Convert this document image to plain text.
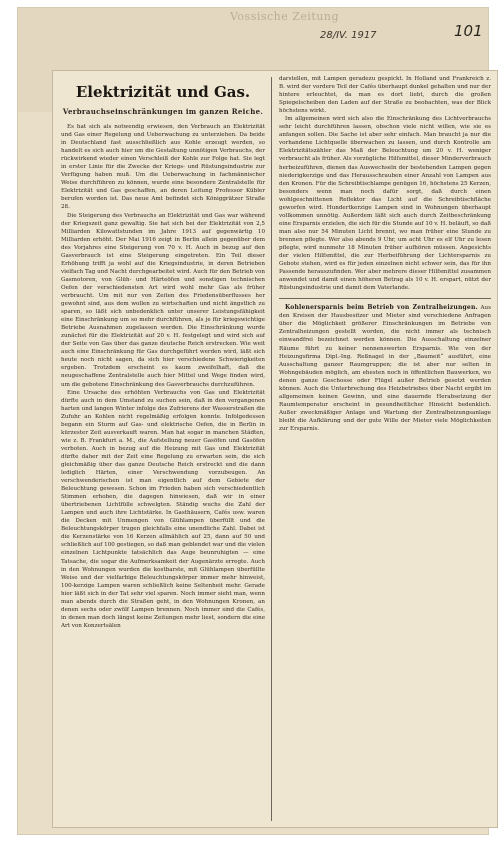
Vossische Zeitung
28/IV. 1917	101
Elektrizität und Gas.
Verbrauchseinschränkungen im ganzen Reiche.

Es hat sich als notwendig erwiesen, den Verbrauch an Elektrizität und Gas einer Regelung und Ueberwachung zu unterziehen. Da beide in Deutschland fast ausschließlich aus Kohle erzeugt werden, so handelt es sich auch hier um die Gestaltung unnötigen Verbrauchs, der rückwirkend wieder einen Verschleiß der Kohle zur Folge hat. Sie legt in erster Linie für die Zwecke der Kriegs- und Rüstungsindustrie zur Verfügung haben muß. Um die Ueberwachung in fachmännischer Weise durchführen zu können, wurde eine besondere Zentralstelle für Elektrizität und Gas geschaffen, an deren Leitung Professor Kübler berufen worden ist. Das neue Amt befindet sich Königgrätzer Straße 28.

Die Steigerung des Verbrauchs an Elektrizität und Gas war während der Kriegszeit ganz gewaltig. Sie hat sich bei der Elektrizität von 2,5 Milliarden Kilowattstunden im Jahre 1913 auf gegenwärtig 10 Milliarden erhöht. Der Mai 1916 zeigt in Berlin allein gegenüber dem des Vorjahres eine Steigerung von 70 v. H. Auch in bezug auf den Gasverbrauch ist eine Steigerung eingetreten. Ein Teil dieser Erhöhung trifft ja wohl auf die Kriegsindustrie, in deren Betrieben vielfach Tag und Nacht durchgearbeitet wird. Auch für den Betrieb von Gasmotoren, von Glüh- und Härteöfen und sonstigen technischen Oefen der verschiedensten Art wird wohl mehr Gas als früher verbraucht. Um mit nur von Zeiten des Friedensüberflusses her gewohnt sind, aus dem wollen zu wirtschaften und nicht ängstlich zu sparen, so läßt sich unbedenklich unter unserer Leistungsfähigkeit eine Einschränkung um so mehr durchführen, als je für kriegswichtige Betriebe Ausnahmen zugelassen werden. Die Einschränkung wurde zunächst für die Elektrizität auf 20 v. H. festgelegt und wird sich auf der Seite von Gas über das ganze deutsche Reich erstrecken. Wie weit auch eine Einschränkung für Gas durchgeführt werden wird, läßt sich heute noch nicht sagen, da sich hier verschiedene Schwierigkeiten ergeben. Trotzdem erscheint es kaum zweifelhaft, daß die neugeschaffene Zentralstelle auch hier Mittel und Wege finden wird, um die gebotene Einschränkung des Gasverbrauchs durchzuführen.

Eine Ursache des erhöhten Verbrauchs von Gas und Elektrizität dürfte auch in dem Umstand zu suchen sein, daß in den vergangenen harten und langen Winter infolge des Zufrierens der Wasserstraßen die Zufuhr an Kohlen nicht regelmäßig erfolgen konnte. Infolgedessen begann ein Sturm auf Gas- und elektrische Oefen, die in Berlin in kürzester Zeit ausverkauft waren. Man hat sogar in manchen Städten, wie z. B. Frankfurt a. M., die Aufstellung neuer Gasöfen und Gasöfen verboten. Auch in bezug auf die Heizung mit Gas und Elektrizität dürfte daher mit der Zeit eine Regelung zu erwarten sein, die sich gleichmäßig über das ganze Deutsche Reich erstreckt und die dann lediglich Härten, einer Verschwendung vorzubeugen. An verschwenderischen ist man eigentlich auf dem Gebiete der Beleuchtung gewesen. Schon im Frieden haben sich verschiedentlich Stimmen erhoben, die dagegen hinwiesen, daß wir in einer übertriebenen Lichtfülle schwelgten. Ständig wuchs die Zahl der Lampen und auch ihre Lichtstärke. In Gasthäusern, Cafés usw. waren die Decken mit Unmengen von Glühlampen überfüllt und die Beleuchtungskörper trugen gleichfalls eine unendliche Zahl. Dabei ist die Kerzenstärke von 16 Kerzen allmählich auf 25, dann auf 50 und schließlich auf 100 gestiegen, so daß man geblendet war und die vielen einzelnen Lichtpunkte tatsächlich das Auge beunruhigten — eine Tatsache, die sogar die Aufmerksamkeit der Augenärzte erregte. Auch in den Wohnungen wurden die kostbarste, mit Glühlampen überfüllte Weise und der vielfarbige Beleuchtungskörper immer mehr hinweist, 100-kerzige Lampen waren schließlich keine Seltenheit mehr. Gerade hier läßt sich in der Tat sehr viel sparen. Noch immer sieht man, wenn man abends durch die Straßen geht, in den Wohnungen Kronen, an denen sechs oder zwölf Lampen brennen. Noch immer sind die Cafés, in denen man doch längst keine Zeitungen mehr liest, sondern die eine Art von Konzertsälen

darstellen, mit Lampen geradezu gespickt. In Holland und Frankreich z. B. wird der vordere Teil der Cafés überhaupt dunkel gehalten und nur der hintere erleuchtet, da man es dort liebt, durch die großen Spiegelscheiben den Laden auf der Straße zu beobachten, was der Blick höchstens wirkt.

Im allgemeinen wird sich also die Einschränkung des Lichtverbrauchs sehr leicht durchführen lassen, obschon viele nicht willen, wie sie es anfangen sollen. Die Sache ist aber sehr einfach. Man braucht ja nur die vorhandene Lichtquelle überwachen zu lassen, und durch Kontrolle am Elektrizitätszähler das Maß der Beleuchtung um 20 v. H. weniger verbraucht als früher. Als vorzügliche Hilfsmittel, dieser Minderverbrauch herbeizuführen, dienen das Auswechseln der bestehenden Lampen gegen niederigkerzige und das Herausschrauben einer Anzahl von Lampen aus den Kronen. Für die Schreibtischlampe genügen 16, höchstens 25 Kerzen, besonders wenn man noch dafür sorgt, daß durch einen wohlgeschnittenen Reflektor das Licht auf die Schreibtischfläche geworfen wird. Hundertkerzige Lampen sind in Wohnungen überhaupt vollkommen unnötig. Außerdem läßt sich auch durch Zeitbeschränkung eine Ersparnis erzielen, die sich für die Stunde auf 10 v. H. beläuft, so daß man also nur 54 Minuten Licht brennt, wo man früher eine Stunde zu brennen pflegte. Wer also abends 9 Uhr, um acht Uhr es elf Uhr zu lesen pflegte, wird nunmehr 18 Minuten früher aufhören müssen. Angesichts der vielen Hilfsmittel, die zur Herbeiführung der Lichtersparnis zu Gebote stehen, wird es für jeden einzelnen nicht schwer sein, das für ihn Passende herauszufinden. Wer aber mehrere dieser Hilfsmittel zusammen anwendet und damit einen höheren Betrag als 10 v. H. erspart, nützt der Rüstungsindustrie und damit dem Vaterlande.

Kohlenersparnis beim Betrieb von Zentralheizungen. Aus den Kreisen der Hausbesitzer und Mieter sind verschiedene Anfragen über die Möglichkeit größerer Einschränkungen im Betriebe von Zentralheizungen gestellt worden, die nicht immer als technisch einwandfrei bezeichnet werden können. Die Ausschaltung einzelner Räume führt zu keiner nennenswerten Ersparnis. Wie von der Heizungsfirma Dipl.-Ing. Reßnagel in der „Baumeit“ ausführt, eine Ausschaltung ganzer Raumgruppen; die ist aber nur selten in Wohngebäuden möglich, am ehesten noch in öffentlichen Bauwerken, wo denen ganze Geschosse oder Flügel außer Betrieb gesetzt werden können. Auch die Unterbrechung des Heizbetriebes über Nacht ergibt im allgemeinen keinen Gewinn, und eine dauernde Herabsetzung der Raumtemperatur erscheint in gesundheitlicher Hinsicht bedenklich. Außer zweckmäßiger Anlage und Wartung der Zentralheizungsanlage bleibt die Aufklärung und der gute Wille der Mieter viele Möglichkeiten zur Ersparnis.
